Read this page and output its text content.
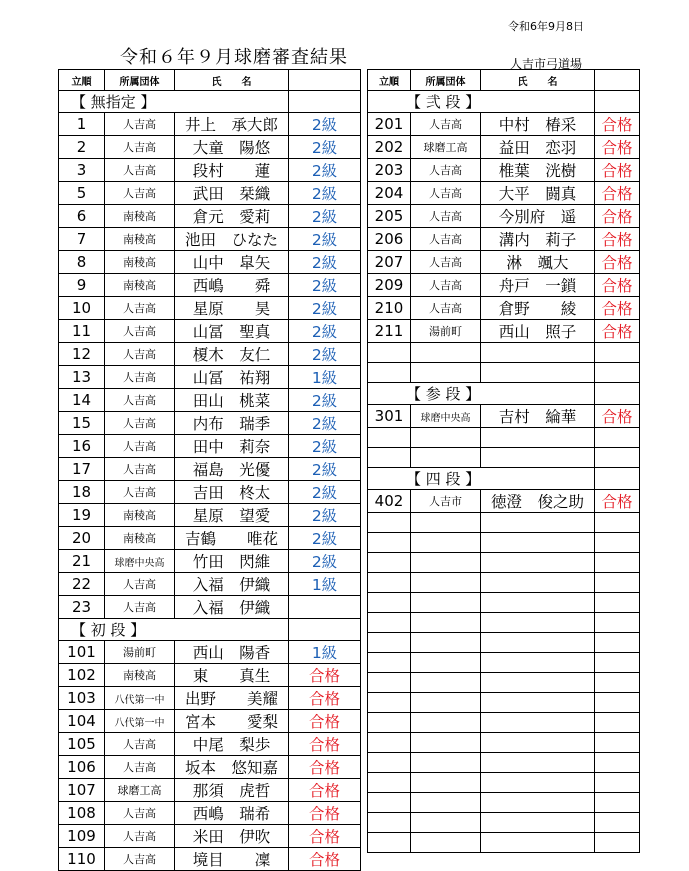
令和6年9月8日
令和６年９月球磨審査結果	人吉市弓道場
立順	所属団体	氏　　名	
【 無指定 】			
1	人吉高	井上　承大郎	2級
2	人吉高	大童　陽悠	2級
3	人吉高	段村　　蓮	2級
5	人吉高	武田　栞織	2級
6	南稜高	倉元　愛莉	2級
7	南稜高	池田　ひなた	2級
8	南稜高	山中　皐矢	2級
9	南稜高	西嶋　　舜	2級
10	人吉高	星原　　昊	2級
11	人吉高	山冨　聖真	2級
12	人吉高	榎木　友仁	2級
13	人吉高	山冨　祐翔	1級
14	人吉高	田山　桃菜	2級
15	人吉高	内布　瑞季	2級
16	人吉高	田中　莉奈	2級
17	人吉高	福島　光優	2級
18	人吉高	吉田　柊太	2級
19	南稜高	星原　望愛	2級
20	南稜高	吉鶴　　唯花	2級
21	球磨中央高	竹田　閃維	2級
22	人吉高	入福　伊織	1級
23	人吉高	入福　伊織	
【 初 段 】			
101	湯前町	西山　陽香	1級
102	南稜高	東　　真生	合格
103	八代第一中	出野　　美耀	合格
104	八代第一中	宮本　　愛梨	合格
105	人吉高	中尾　梨歩	合格
106	人吉高	坂本　悠知嘉	合格
107	球磨工高	那須　虎哲	合格
108	人吉高	西嶋　瑞希	合格
109	人吉高	米田　伊吹	合格
110	人吉高	境目　　凜	合格
立順	所属団体	氏　　名	
【 弐 段 】			
201	人吉高	中村　椿采	合格
202	球磨工高	益田　恋羽	合格
203	人吉高	椎葉　洸樹	合格
204	人吉高	大平　闘真	合格
205	人吉高	今別府　遥	合格
206	人吉高	溝内　莉子	合格
207	人吉高	淋　颯大	合格
209	人吉高	舟戸　一鎖	合格
210	人吉高	倉野　　綾	合格
211	湯前町	西山　照子	合格

【 参 段 】			
301	球磨中央高	吉村　綸華	合格

【 四 段 】			
402	人吉市	徳澄　俊之助	合格
